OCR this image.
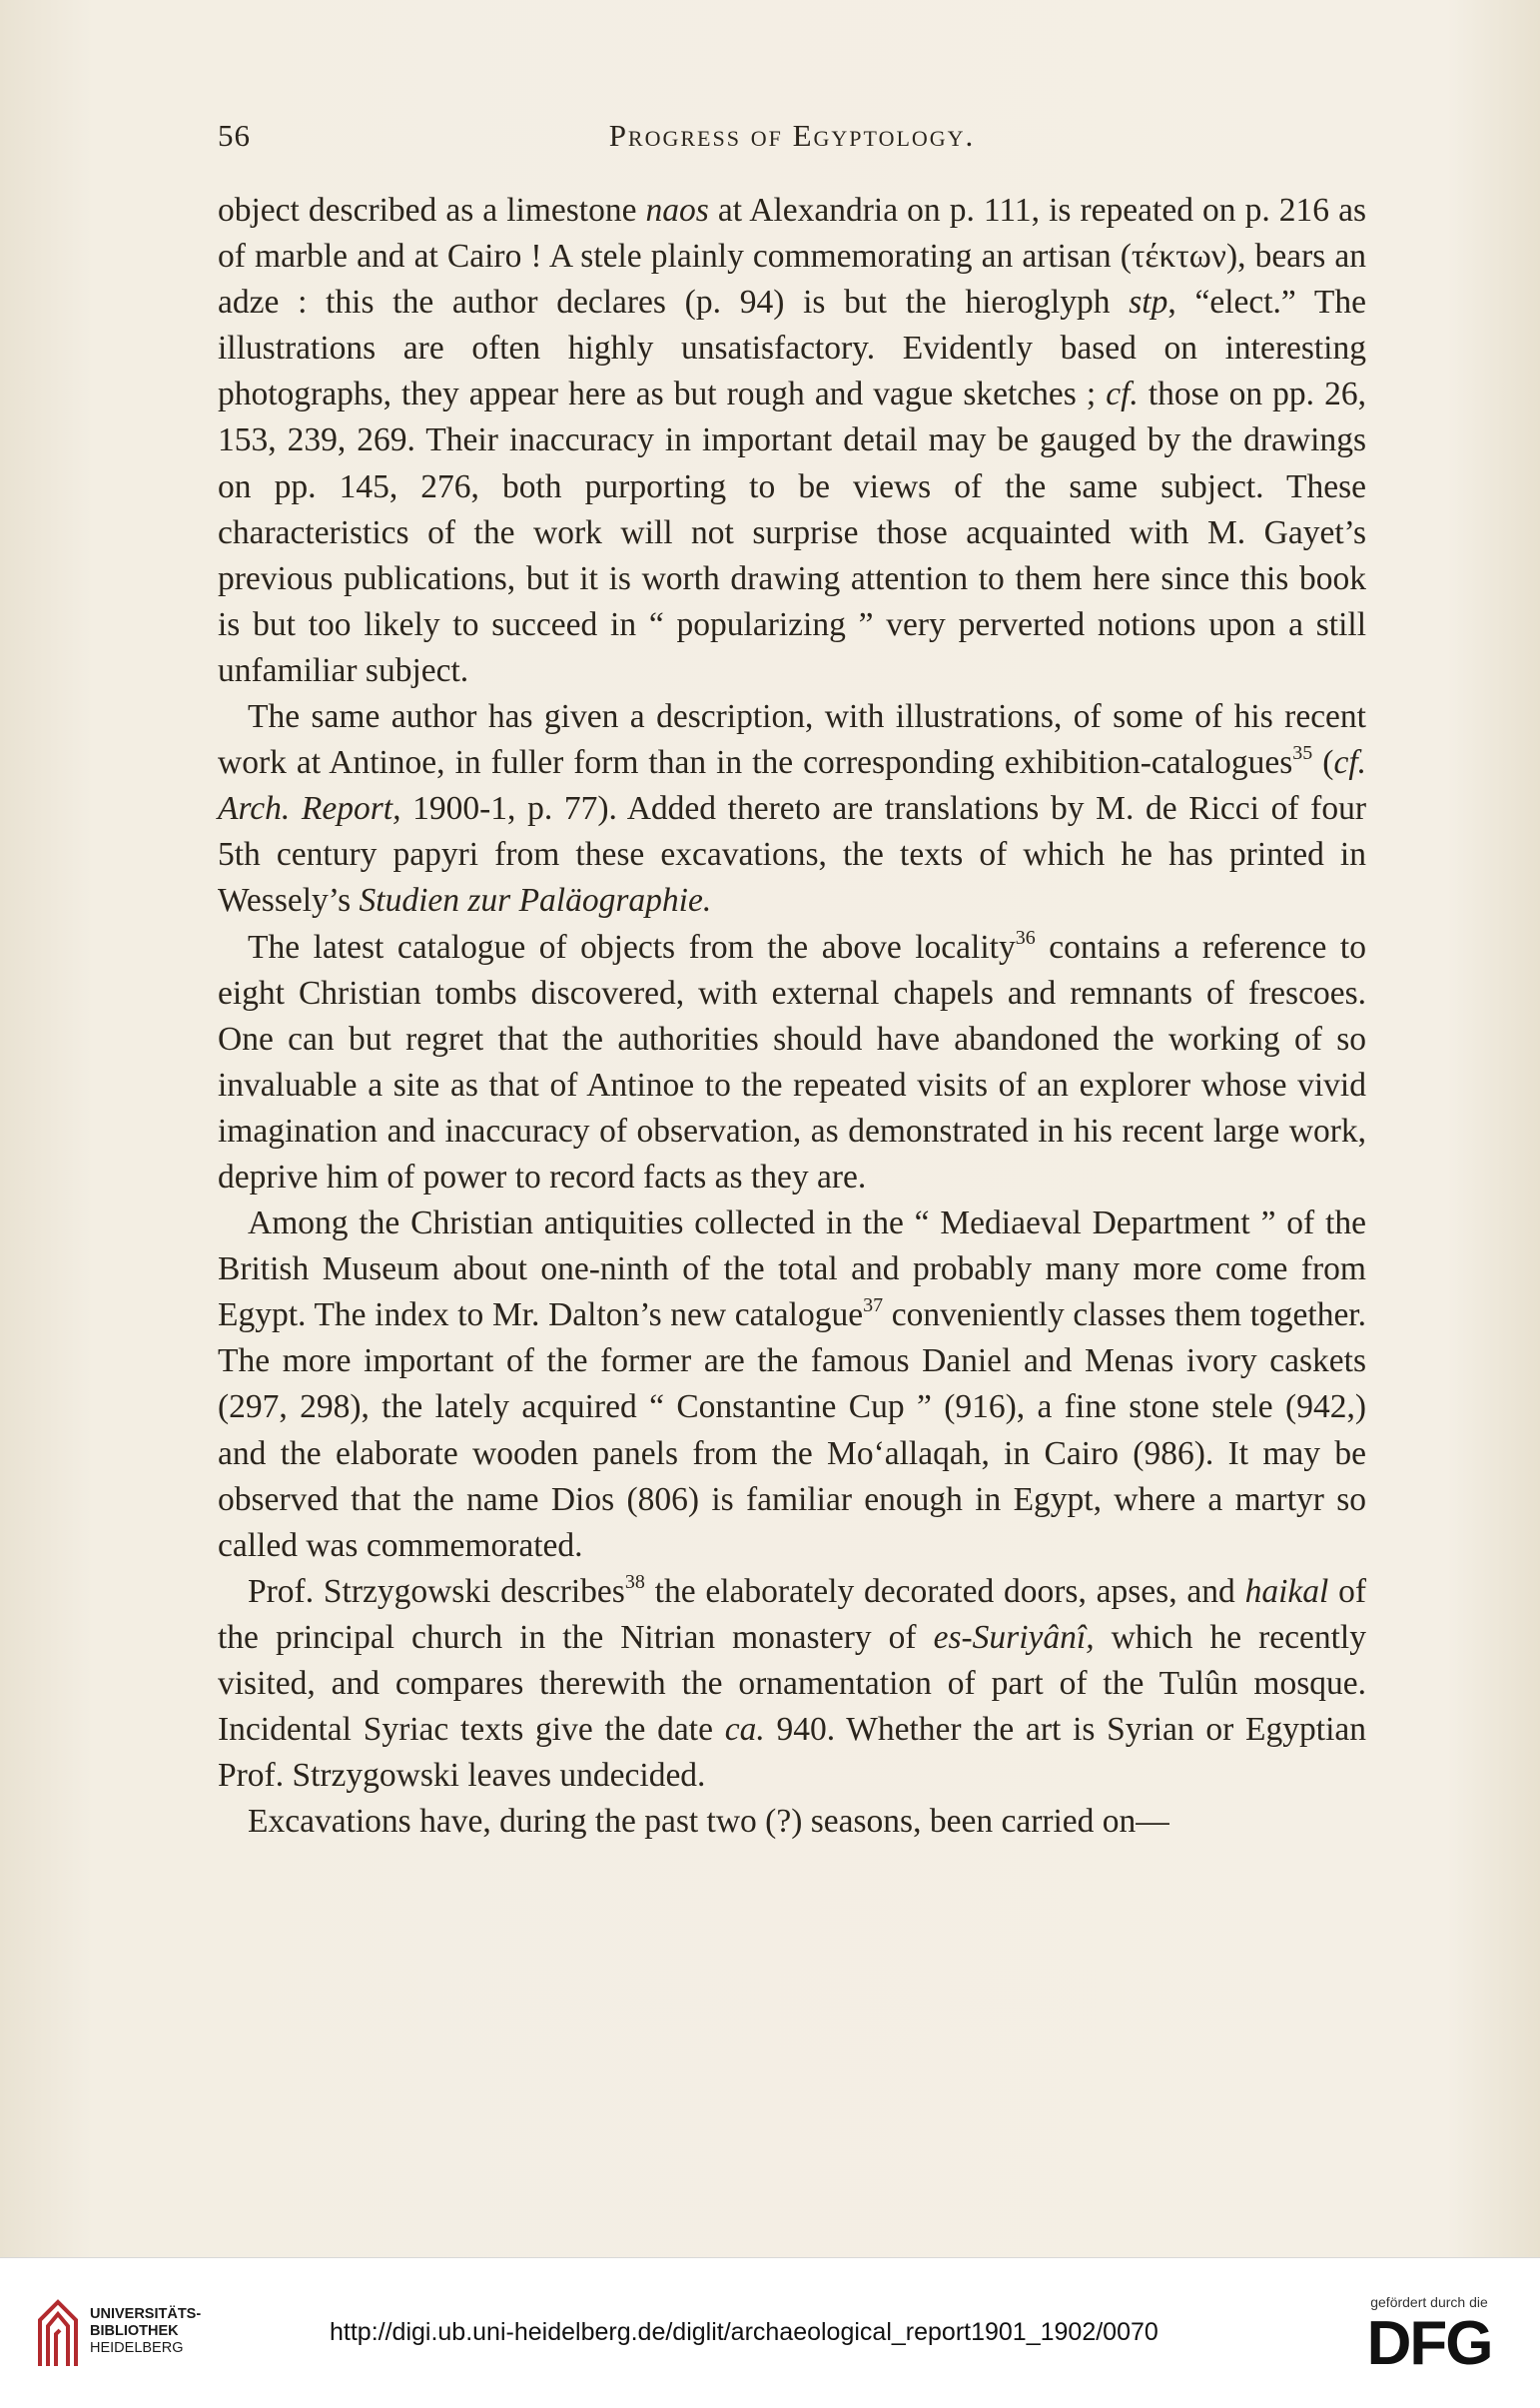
56	Progress of Egyptology.

object described as a limestone naos at Alexandria on p. 111, is repeated on p. 216 as of marble and at Cairo ! A stele plainly commemorating an artisan (τέκτων), bears an adze : this the author declares (p. 94) is but the hieroglyph stp, “elect.” The illustrations are often highly unsatisfactory. Evidently based on interesting photographs, they appear here as but rough and vague sketches ; cf. those on pp. 26, 153, 239, 269. Their inaccuracy in important detail may be gauged by the drawings on pp. 145, 276, both purporting to be views of the same subject. These characteristics of the work will not surprise those acquainted with M. Gayet’s previous publications, but it is worth drawing attention to them here since this book is but too likely to succeed in “ popularizing ” very perverted notions upon a still unfamiliar subject.

The same author has given a description, with illustrations, of some of his recent work at Antinoe, in fuller form than in the corresponding exhibition-catalogues$^{35}$ (cf. Arch. Report, 1900-1, p. 77). Added thereto are translations by M. de Ricci of four 5th century papyri from these excavations, the texts of which he has printed in Wessely’s Studien zur Paläographie.

The latest catalogue of objects from the above locality$^{36}$ contains a reference to eight Christian tombs discovered, with external chapels and remnants of frescoes. One can but regret that the authorities should have abandoned the working of so invaluable a site as that of Antinoe to the repeated visits of an explorer whose vivid imagination and inaccuracy of observation, as demonstrated in his recent large work, deprive him of power to record facts as they are.

Among the Christian antiquities collected in the “ Mediaeval Department ” of the British Museum about one-ninth of the total and probably many more come from Egypt. The index to Mr. Dalton’s new catalogue$^{37}$ conveniently classes them together. The more important of the former are the famous Daniel and Menas ivory caskets (297, 298), the lately acquired “ Constantine Cup ” (916), a fine stone stele (942,) and the elaborate wooden panels from the Mo‘allaqah, in Cairo (986). It may be observed that the name Dios (806) is familiar enough in Egypt, where a martyr so called was commemorated.

Prof. Strzygowski describes$^{38}$ the elaborately decorated doors, apses, and haikal of the principal church in the Nitrian monastery of es-Suriyânî, which he recently visited, and compares therewith the ornamentation of part of the Tulûn mosque. Incidental Syriac texts give the date ca. 940. Whether the art is Syrian or Egyptian Prof. Strzygowski leaves undecided.

Excavations have, during the past two (?) seasons, been carried on—

UNIVERSITÄTS-
BIBLIOTHEK
HEIDELBERG
http://digi.ub.uni-heidelberg.de/diglit/archaeological_report1901_1902/0070
gefördert durch die
DFG
